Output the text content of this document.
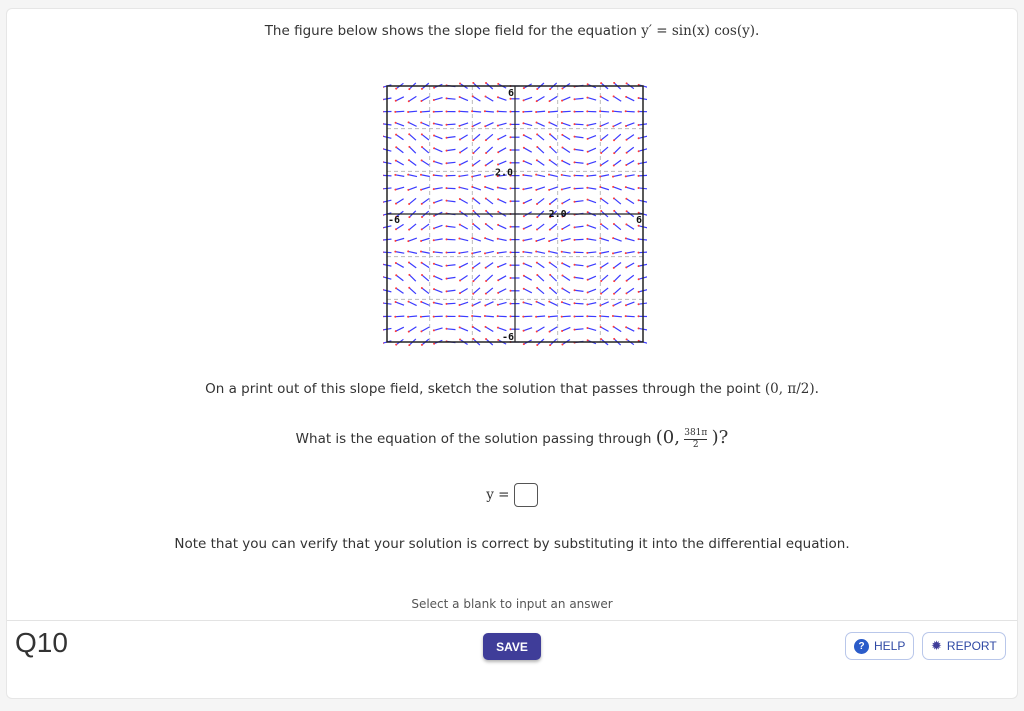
The figure below shows the slope field for the equation y′ = sin(x) cos(y).
6
-6
-6	6
2.0
2.0
On a print out of this slope field, sketch the solution that passes through the point (0, π/2).
What is the equation of the solution passing through (0, $\frac{381\pi}{2}$ )?
y =
Note that you can verify that your solution is correct by substituting it into the differential equation.
Select a blank to input an answer
Q10	SAVE	? HELP ✹ REPORT
